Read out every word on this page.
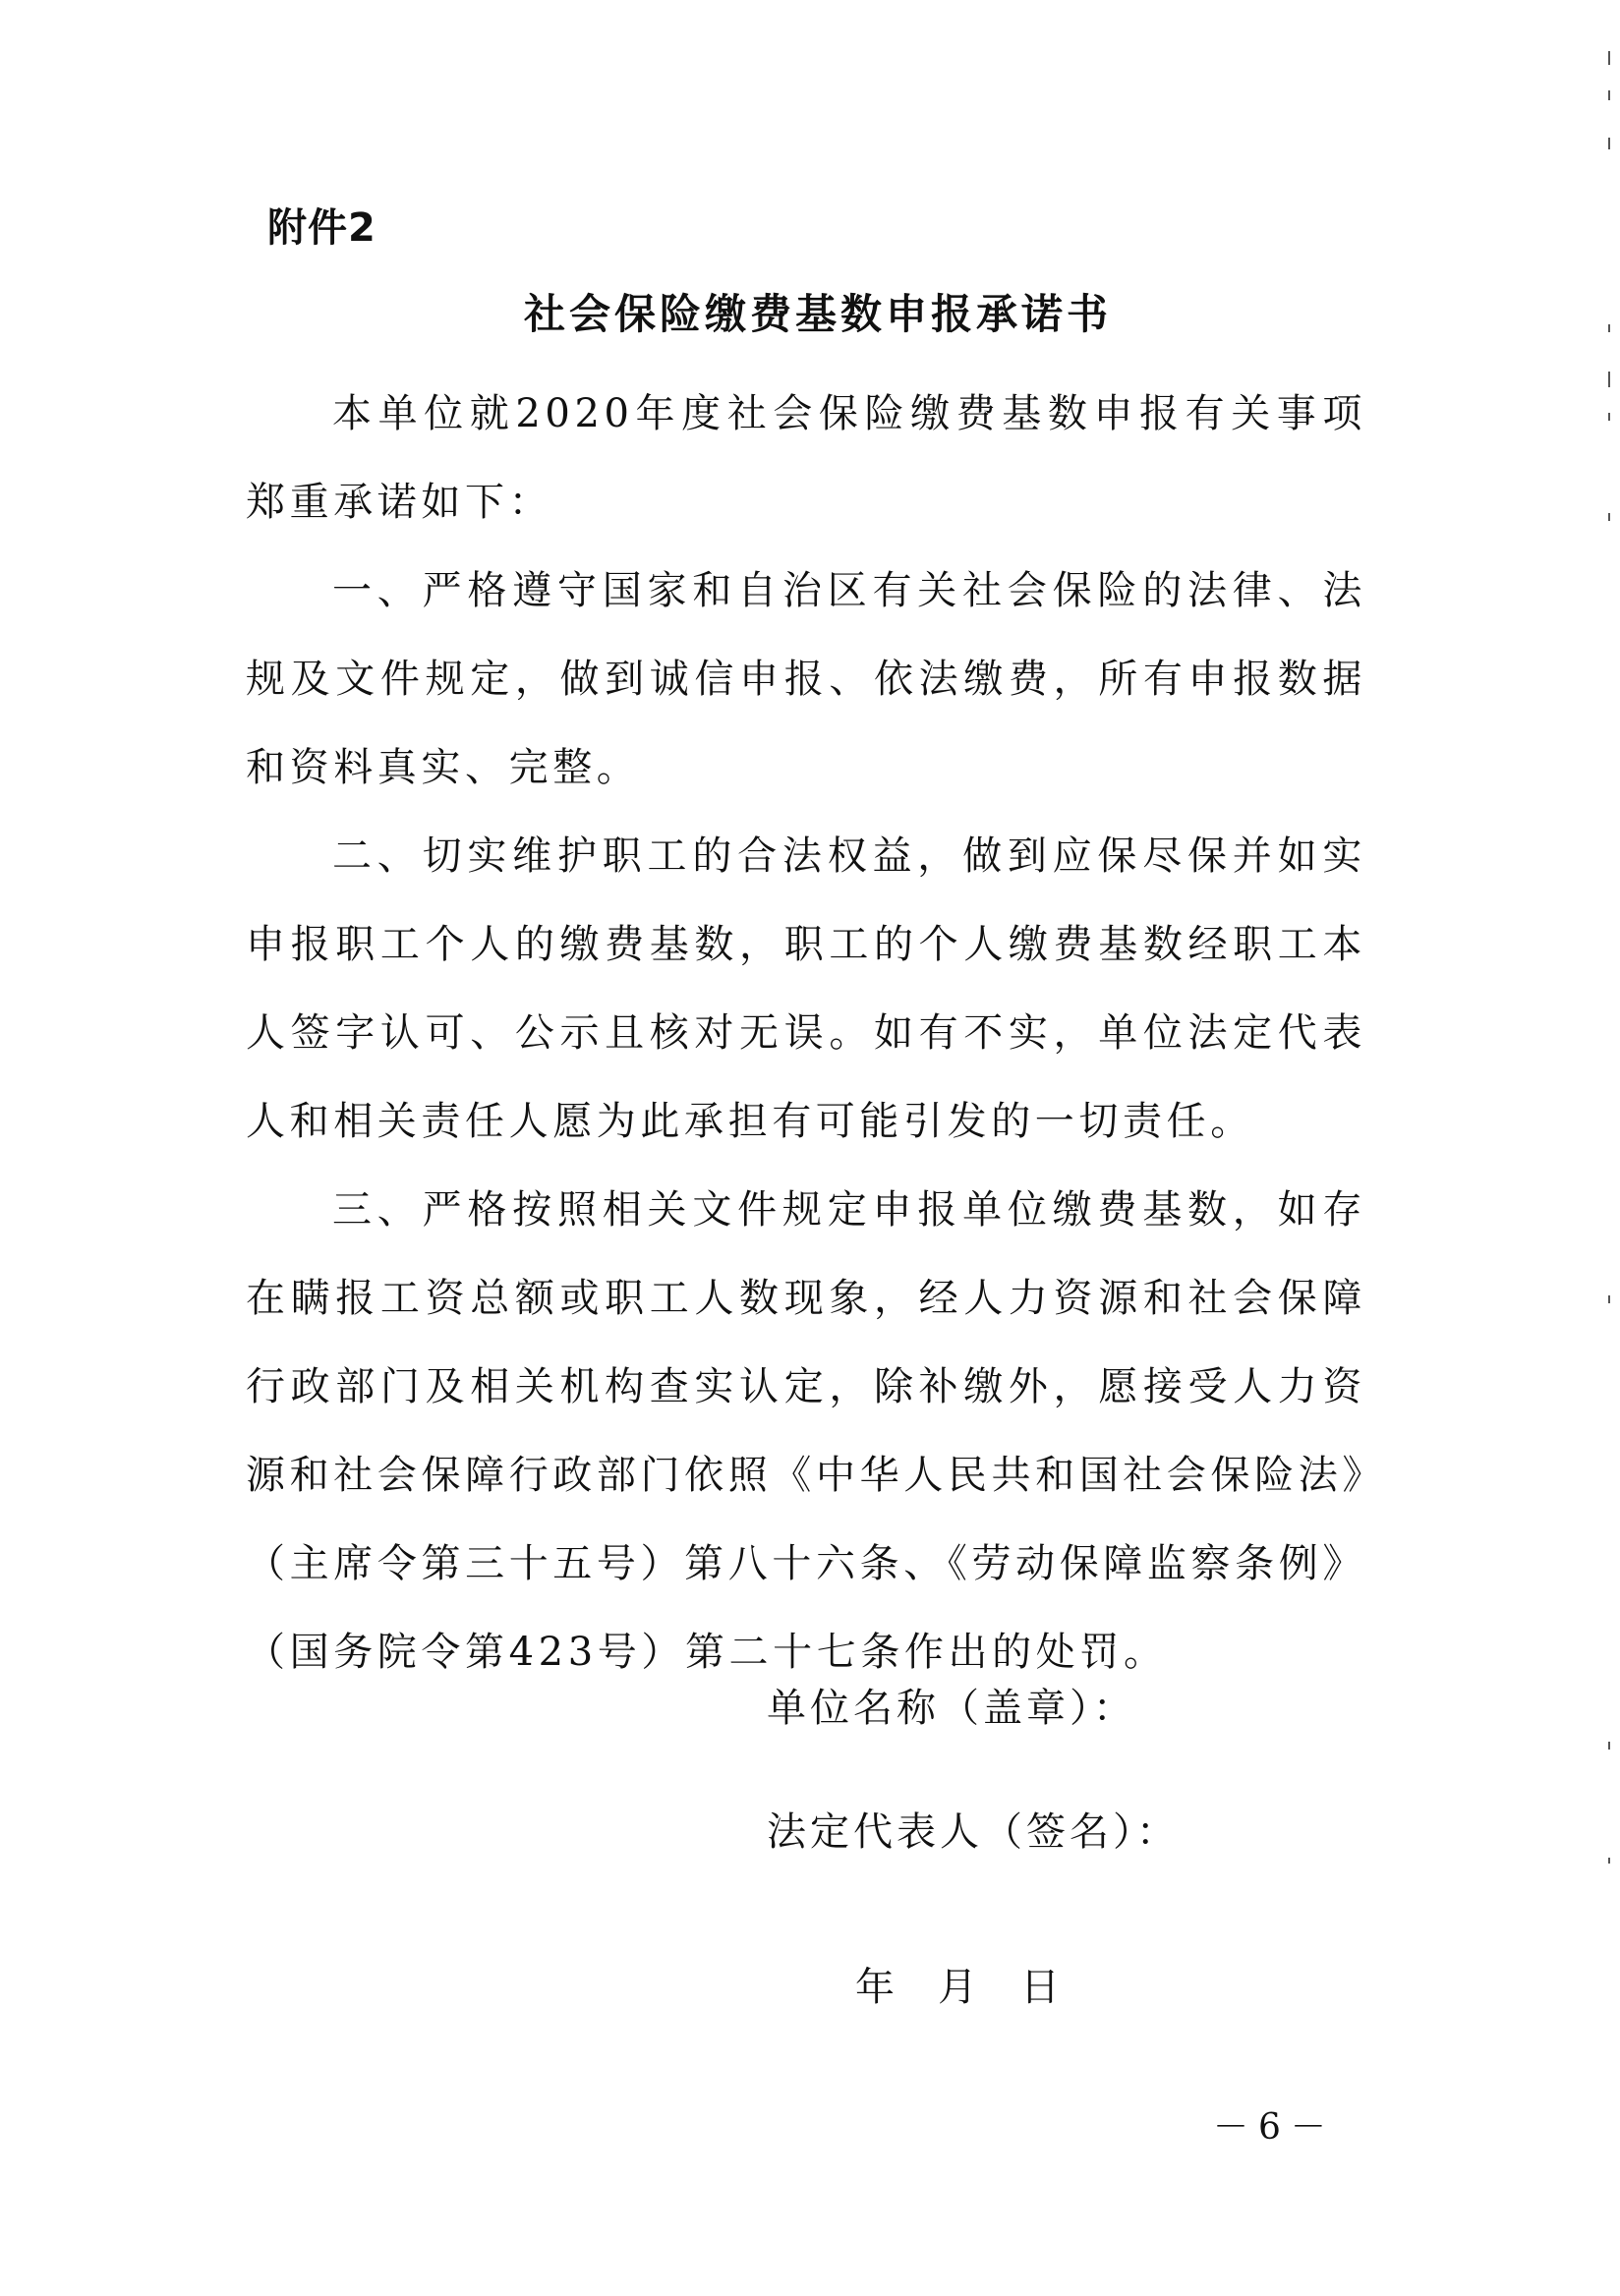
附件2
社会保险缴费基数申报承诺书

本单位就2020年度社会保险缴费基数申报有关事项郑重承诺如下：

一、严格遵守国家和自治区有关社会保险的法律、法规及文件规定，做到诚信申报、依法缴费，所有申报数据和资料真实、完整。

二、切实维护职工的合法权益，做到应保尽保并如实申报职工个人的缴费基数，职工的个人缴费基数经职工本人签字认可、公示且核对无误。如有不实，单位法定代表人和相关责任人愿为此承担有可能引发的一切责任。

三、严格按照相关文件规定申报单位缴费基数，如存在瞒报工资总额或职工人数现象，经人力资源和社会保障行政部门及相关机构查实认定，除补缴外，愿接受人力资源和社会保障行政部门依照《中华人民共和国社会保险法》（主席令第三十五号）第八十六条、《劳动保障监察条例》（国务院令第423号）第二十七条作出的处罚。

单位名称（盖章）：
法定代表人（签名）：
年 月 日
－6－
